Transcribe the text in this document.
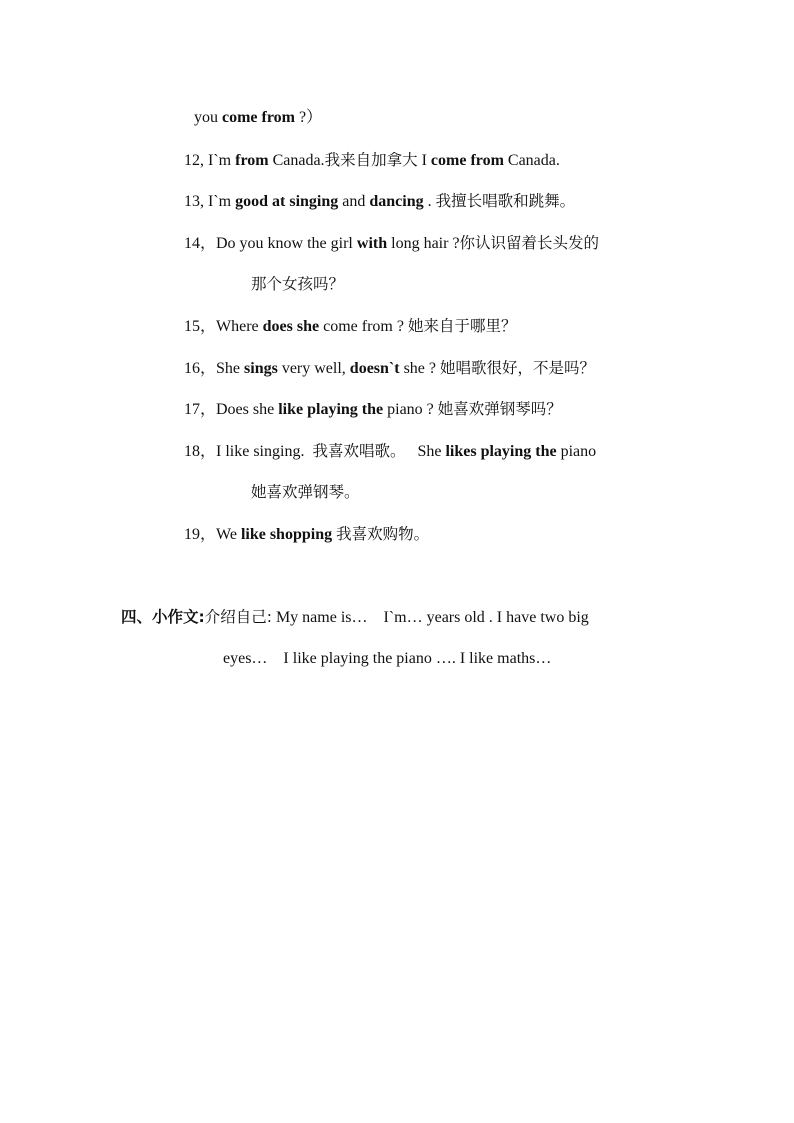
you come from ?）
12, I`m from Canada.我来自加拿大 I come from Canada.
13, I`m good at singing and dancing . 我擅长唱歌和跳舞。
14，Do you know the girl with long hair ?你认识留着长头发的
那个女孩吗？
15，Where does she come from ? 她来自于哪里？
16，She sings very well, doesn`t she ? 她唱歌很好，不是吗？
17，Does she like playing the piano ? 她喜欢弹钢琴吗？
18，I like singing.  我喜欢唱歌。 She likes playing the piano
她喜欢弹钢琴。
19，We like shopping 我喜欢购物。
四、小作文:介绍自己: My name is…    I`m… years old . I have two big
eyes…    I like playing the piano …. I like maths…
